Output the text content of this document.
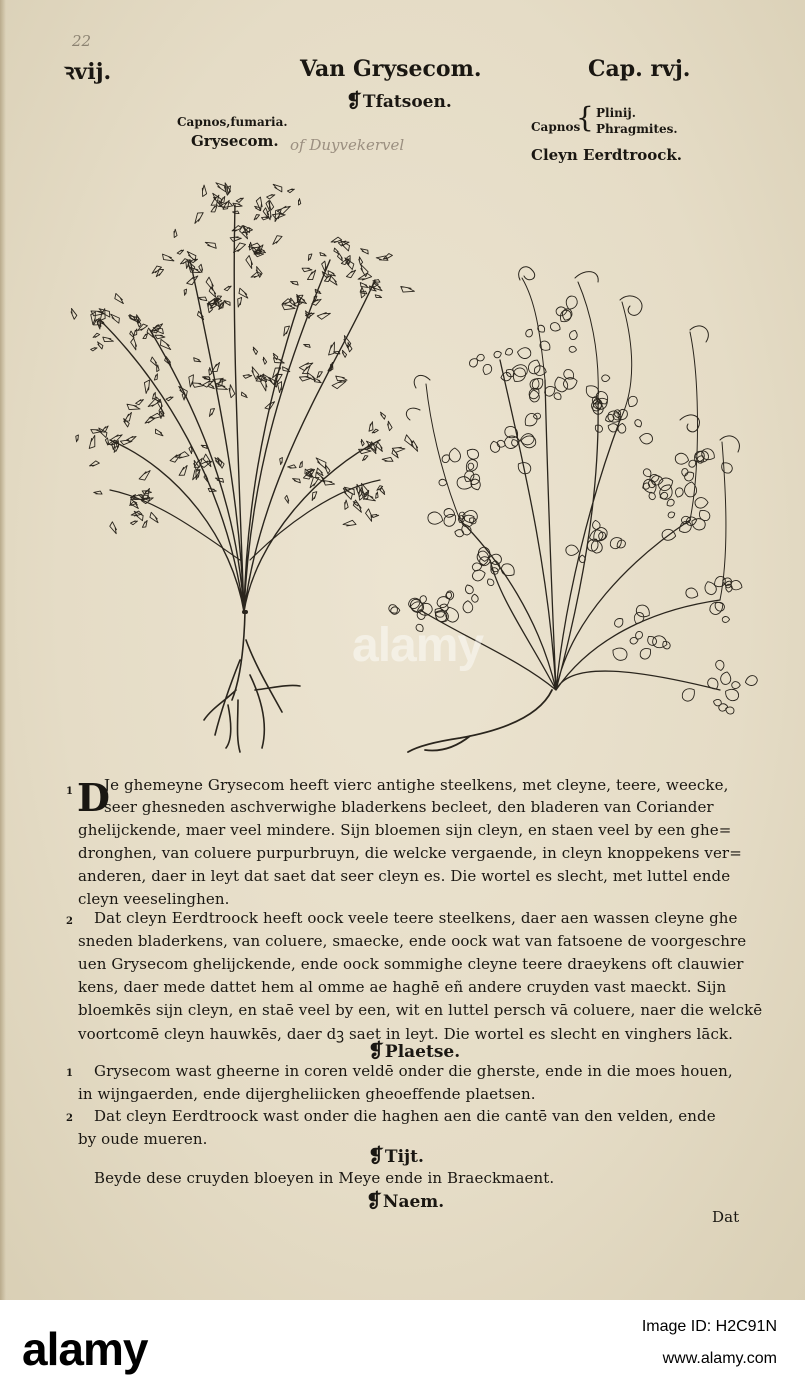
22
ꝛvij.	Van Grysecom.	Cap. rvj.
❡Tfatsoen.
Capnos,fumaria.
Grysecom. of Duyvekervel
Capnos
{ Plinij.
Phragmites.
Cleyn Eerdtroock.
alamy
1 D
Je ghemeyne Grysecom heeft vierc antighe steelkens, met cleyne, teere, weecke,
seer ghesneden aschverwighe bladerkens becleet, den bladeren van Coriander
ghelijckende, maer veel mindere. Sijn bloemen sijn cleyn, en staen veel by een ghe=
dronghen, van coluere purpurbruyn, die welcke vergaende, in cleyn knoppekens ver=
anderen, daer in leyt dat saet dat seer cleyn es. Die wortel es slecht, met luttel ende
cleyn veeselinghen.
2 Dat cleyn Eerdtroock heeft oock veele teere steelkens, daer aen wassen cleyne ghe
sneden bladerkens, van coluere, smaecke, ende oock wat van fatsoene de voorgeschre
uen Grysecom ghelijckende, ende oock sommighe cleyne teere draeykens oft clauwier
kens, daer mede dattet hem al omme ae haghē eñ andere cruyden vast maeckt. Sijn
bloemkēs sijn cleyn, en staē veel by een, wit en luttel persch vā coluere, naer die welckē
voortcomē cleyn hauwkēs, daer dꝫ saet in leyt. Die wortel es slecht en vinghers lāck.
❡Plaetse.
1 Grysecom wast gheerne in coren veldē onder die gherste, ende in die moes houen,
in wijngaerden, ende dijergheliicken gheoeffende plaetsen.
2 Dat cleyn Eerdtroock wast onder die haghen aen die cantē van den velden, ende
by oude mueren.
❡Tijt.
Beyde dese cruyden bloeyen in Meye ende in Braeckmaent.
❡Naem.
Dat
alamy	Image ID: H2C91N
www.alamy.com
